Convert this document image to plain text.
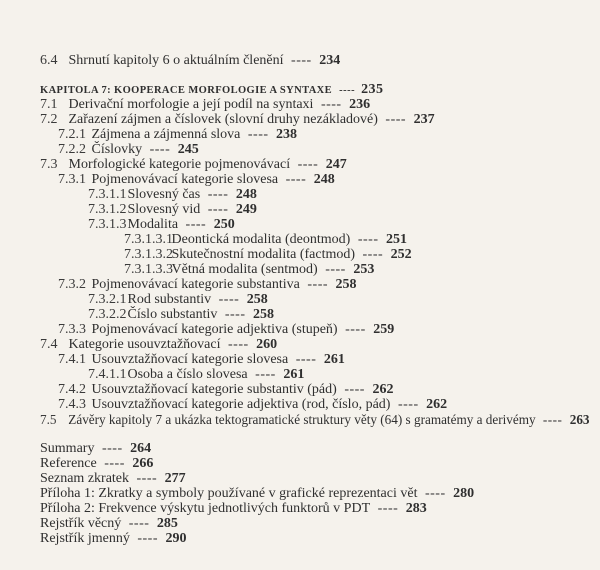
6.4 Shrnutí kapitoly 6 o aktuálním členění ---- 234
KAPITOLA 7: KOOPERACE MORFOLOGIE A SYNTAXE ---- 235
7.1 Derivační morfologie a její podíl na syntaxi ---- 236
7.2 Zařazení zájmen a číslovek (slovní druhy nezákladové) ---- 237
7.2.1 Zájmena a zájmenná slova ---- 238
7.2.2 Číslovky ---- 245
7.3 Morfologické kategorie pojmenovávací ---- 247
7.3.1 Pojmenovávací kategorie slovesa ---- 248
7.3.1.1 Slovesný čas ---- 248
7.3.1.2 Slovesný vid ---- 249
7.3.1.3 Modalita ---- 250
7.3.1.3.1 Deontická modalita (deontmod) ---- 251
7.3.1.3.2 Skutečnostní modalita (factmod) ---- 252
7.3.1.3.3 Větná modalita (sentmod) ---- 253
7.3.2 Pojmenovávací kategorie substantiva ---- 258
7.3.2.1 Rod substantiv ---- 258
7.3.2.2 Číslo substantiv ---- 258
7.3.3 Pojmenovávací kategorie adjektiva (stupeň) ---- 259
7.4 Kategorie usouvztažňovací ---- 260
7.4.1 Usouvztažňovací kategorie slovesa ---- 261
7.4.1.1 Osoba a číslo slovesa ---- 261
7.4.2 Usouvztažňovací kategorie substantiv (pád) ---- 262
7.4.3 Usouvztažňovací kategorie adjektiva (rod, číslo, pád) ---- 262
7.5 Závěry kapitoly 7 a ukázka tektogramatické struktury věty (64) s gramatémy a derivémy ---- 263
Summary ---- 264
Reference ---- 266
Seznam zkratek ---- 277
Příloha 1: Zkratky a symboly používané v grafické reprezentaci vět ---- 280
Příloha 2: Frekvence výskytu jednotlivých funktorů v PDT ---- 283
Rejstřík věcný ---- 285
Rejstřík jmenný ---- 290
